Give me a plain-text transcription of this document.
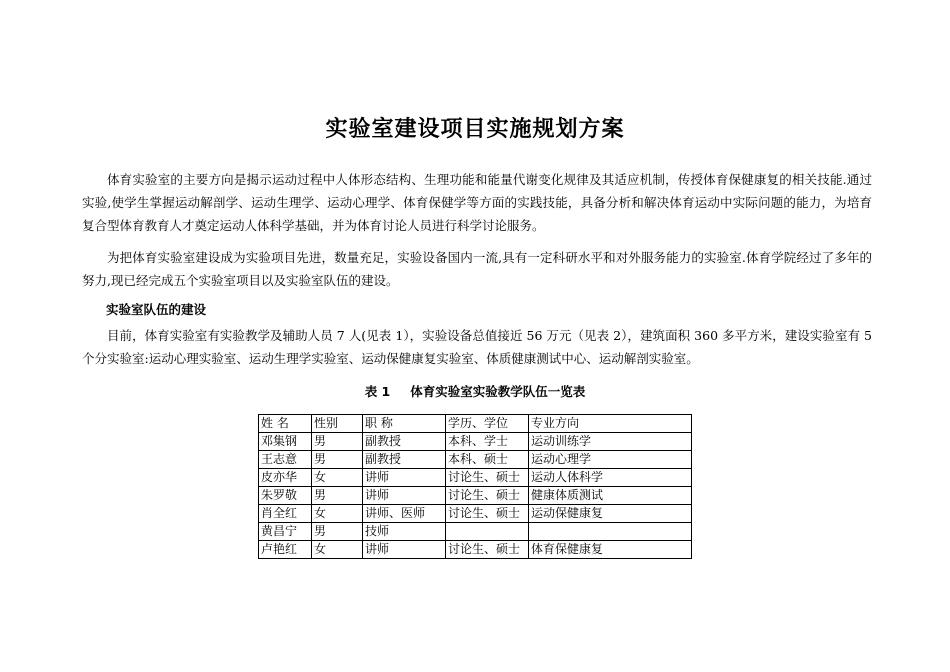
实验室建设项目实施规划方案

体育实验室的主要方向是揭示运动过程中人体形态结构、生理功能和能量代谢变化规律及其适应机制，传授体育保健康复的相关技能.通过实验,使学生掌握运动解剖学、运动生理学、运动心理学、体育保健学等方面的实践技能，具备分析和解决体育运动中实际问题的能力，为培育复合型体育教育人才奠定运动人体科学基础，并为体育讨论人员进行科学讨论服务。

为把体育实验室建设成为实验项目先进，数量充足，实验设备国内一流,具有一定科研水平和对外服务能力的实验室.体育学院经过了多年的努力,现已经完成五个实验室项目以及实验室队伍的建设。

实验室队伍的建设

目前，体育实验室有实验教学及辅助人员 7 人(见表 1），实验设备总值接近 56 万元（见表 2），建筑面积 360 多平方米，建设实验室有 5 个分实验室:运动心理实验室、运动生理学实验室、运动保健康复实验室、体质健康测试中心、运动解剖实验室。

表 1 体育实验室实验教学队伍一览表
姓 名	性别	职 称	学历、学位	专业方向
邓集钢	男	副教授	本科、学士	运动训练学
王志意	男	副教授	本科、硕士	运动心理学
皮亦华	女	讲师	讨论生、硕士	运动人体科学
朱罗敬	男	讲师	讨论生、硕士	健康体质测试
肖全红	女	讲师、医师	讨论生、硕士	运动保健康复
黄昌宁	男	技师		
卢艳红	女	讲师	讨论生、硕士	体育保健康复
